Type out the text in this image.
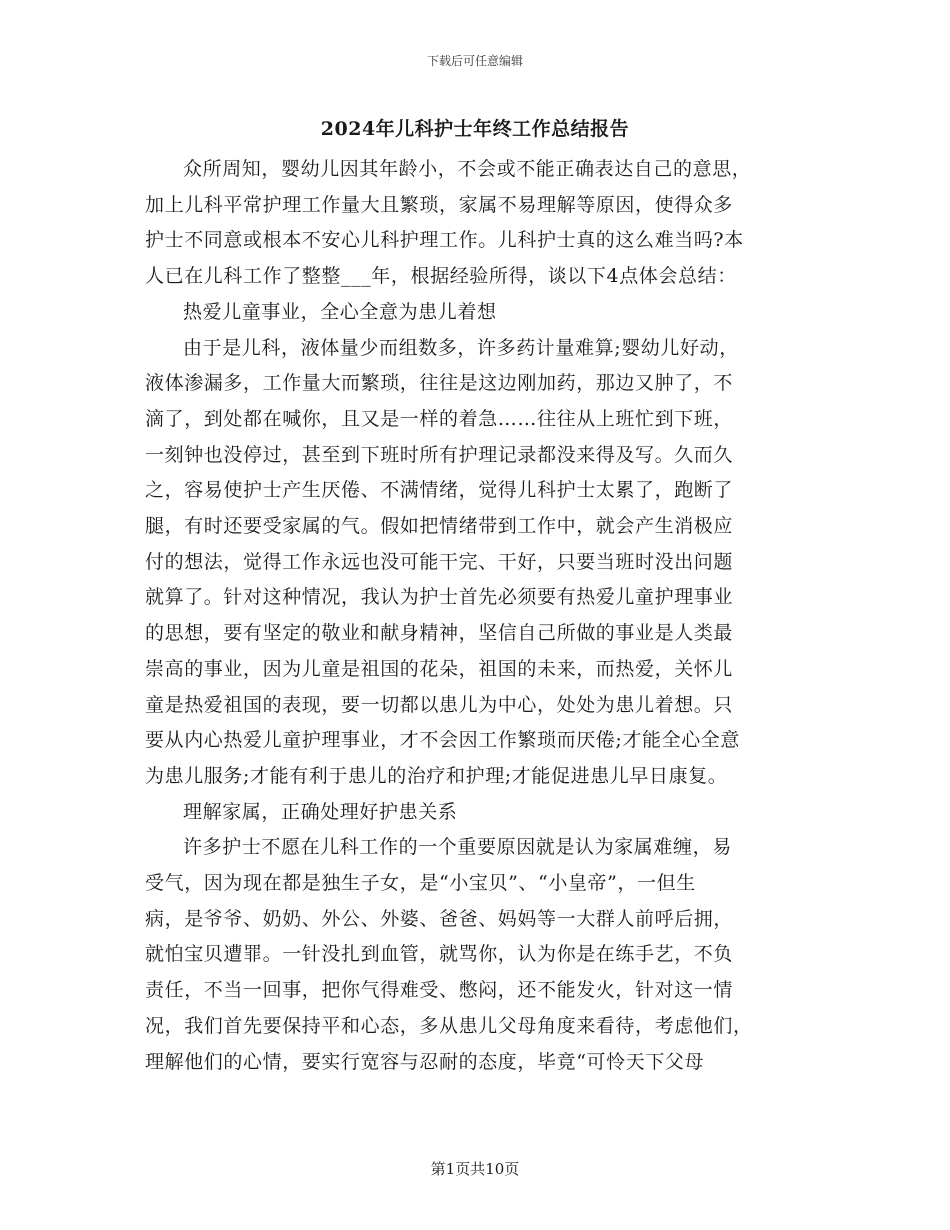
下载后可任意编辑
2024年儿科护士年终工作总结报告
众所周知，婴幼儿因其年龄小，不会或不能正确表达自己的意思，
加上儿科平常护理工作量大且繁琐，家属不易理解等原因，使得众多
护士不同意或根本不安心儿科护理工作。儿科护士真的这么难当吗?本
人已在儿科工作了整整___年，根据经验所得，谈以下4点体会总结：
热爱儿童事业，全心全意为患儿着想
由于是儿科，液体量少而组数多，许多药计量难算;婴幼儿好动，
液体渗漏多，工作量大而繁琐，往往是这边刚加药，那边又肿了，不
滴了，到处都在喊你，且又是一样的着急……往往从上班忙到下班，
一刻钟也没停过，甚至到下班时所有护理记录都没来得及写。久而久
之，容易使护士产生厌倦、不满情绪，觉得儿科护士太累了，跑断了
腿，有时还要受家属的气。假如把情绪带到工作中，就会产生消极应
付的想法，觉得工作永远也没可能干完、干好，只要当班时没出问题
就算了。针对这种情况，我认为护士首先必须要有热爱儿童护理事业
的思想，要有坚定的敬业和献身精神，坚信自己所做的事业是人类最
崇高的事业，因为儿童是祖国的花朵，祖国的未来，而热爱，关怀儿
童是热爱祖国的表现，要一切都以患儿为中心，处处为患儿着想。只
要从内心热爱儿童护理事业，才不会因工作繁琐而厌倦;才能全心全意
为患儿服务;才能有利于患儿的治疗和护理;才能促进患儿早日康复。
理解家属，正确处理好护患关系
许多护士不愿在儿科工作的一个重要原因就是认为家属难缠，易
受气，因为现在都是独生子女，是“小宝贝”、“小皇帝”，一但生
病，是爷爷、奶奶、外公、外婆、爸爸、妈妈等一大群人前呼后拥，
就怕宝贝遭罪。一针没扎到血管，就骂你，认为你是在练手艺，不负
责任，不当一回事，把你气得难受、憋闷，还不能发火，针对这一情
况，我们首先要保持平和心态，多从患儿父母角度来看待，考虑他们，
理解他们的心情，要实行宽容与忍耐的态度，毕竟“可怜天下父母
第1页共10页
